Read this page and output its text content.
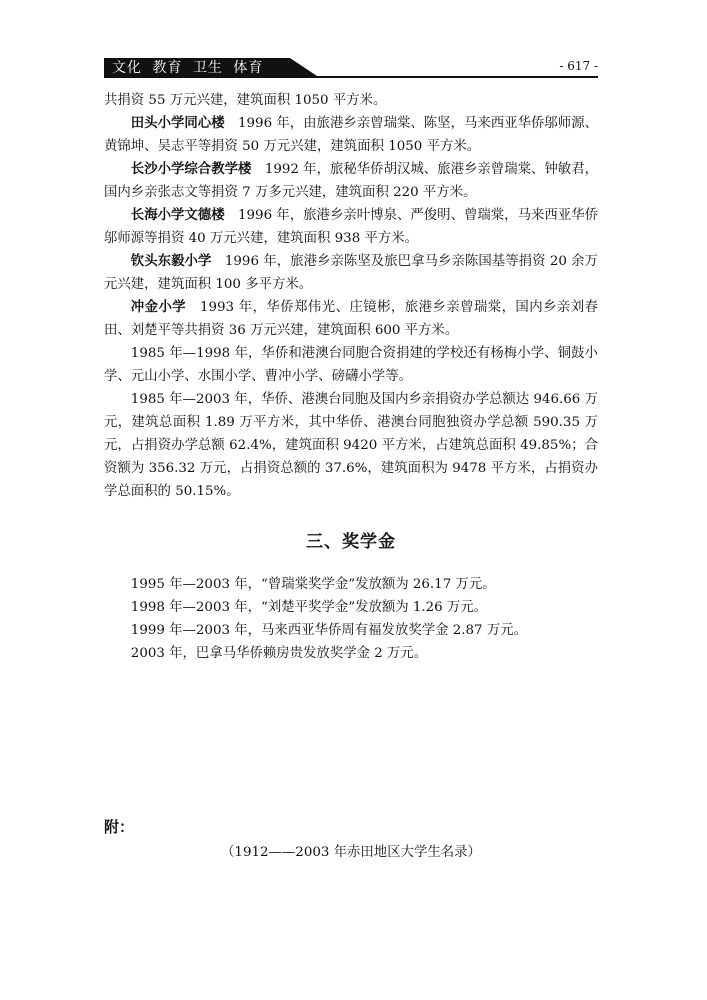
文化 教育 卫生 体育	- 617 -

共捐资 55 万元兴建，建筑面积 1050 平方米。

田头小学同心楼　1996 年，由旅港乡亲曾瑞棠、陈坚，马来西亚华侨邬师源、黄锦坤、吴志平等捐资 50 万元兴建，建筑面积 1050 平方米。

长沙小学综合教学楼　1992 年，旅秘华侨胡汉城、旅港乡亲曾瑞棠、钟敏君，国内乡亲张志文等捐资 7 万多元兴建，建筑面积 220 平方米。

长海小学文德楼　1996 年，旅港乡亲叶博泉、严俊明、曾瑞棠，马来西亚华侨邬师源等捐资 40 万元兴建，建筑面积 938 平方米。

钦头东毅小学　1996 年，旅港乡亲陈坚及旅巴拿马乡亲陈国基等捐资 20 余万元兴建，建筑面积 100 多平方米。

冲金小学　1993 年，华侨郑伟光、庄镜彬，旅港乡亲曾瑞棠，国内乡亲刘春田、刘楚平等共捐资 36 万元兴建，建筑面积 600 平方米。

1985 年—1998 年，华侨和港澳台同胞合资捐建的学校还有杨梅小学、铜鼓小学、元山小学、水围小学、曹冲小学、磅礴小学等。

1985 年—2003 年，华侨、港澳台同胞及国内乡亲捐资办学总额达 946.66 万元，建筑总面积 1.89 万平方米，其中华侨、港澳台同胞独资办学总额 590.35 万元，占捐资办学总额 62.4%，建筑面积 9420 平方米，占建筑总面积 49.85%；合资额为 356.32 万元，占捐资总额的 37.6%，建筑面积为 9478 平方米，占捐资办学总面积的 50.15%。

三、奖学金

1995 年—2003 年，“曾瑞棠奖学金”发放额为 26.17 万元。

1998 年—2003 年，“刘楚平奖学金”发放额为 1.26 万元。

1999 年—2003 年，马来西亚华侨周有福发放奖学金 2.87 万元。

2003 年，巴拿马华侨赖房贵发放奖学金 2 万元。

附：
（1912——2003 年赤田地区大学生名录）
